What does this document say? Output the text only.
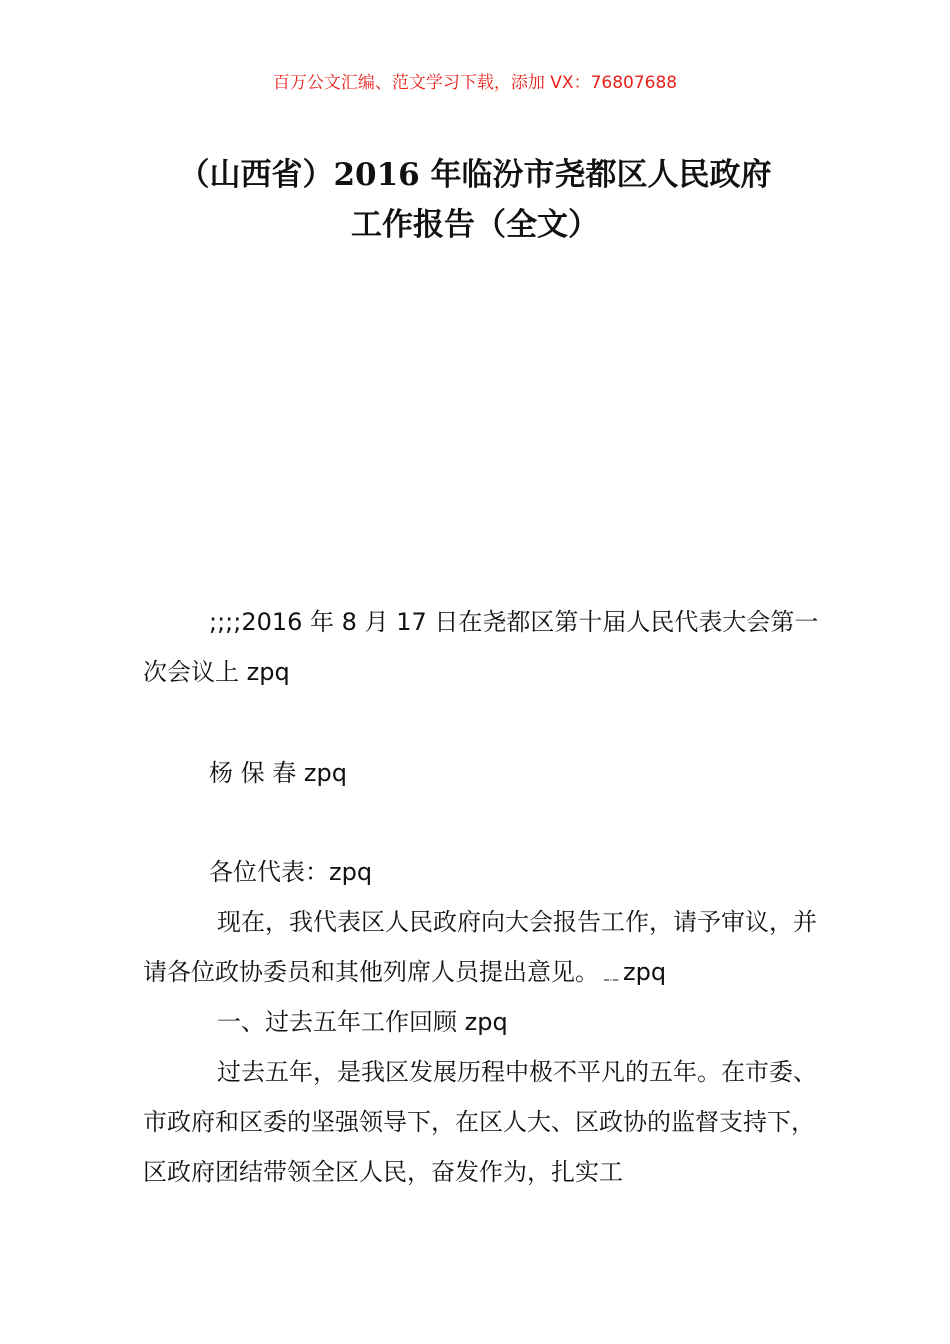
百万公文汇编、范文学习下载，添加 VX：76807688
（山西省）2016 年临汾市尧都区人民政府
工作报告（全文）
;;;;2016 年 8 月 17 日在尧都区第十届人民代表大会第一次会议上 zpq
杨 保 春 zpq
各位代表：zpq
现在，我代表区人民政府向大会报告工作，请予审议，并请各位政协委员和其他列席人员提出意见。﹎zpq
一、过去五年工作回顾 zpq
过去五年，是我区发展历程中极不平凡的五年。在市委、市政府和区委的坚强领导下，在区人大、区政协的监督支持下，区政府团结带领全区人民，奋发作为，扎实工
